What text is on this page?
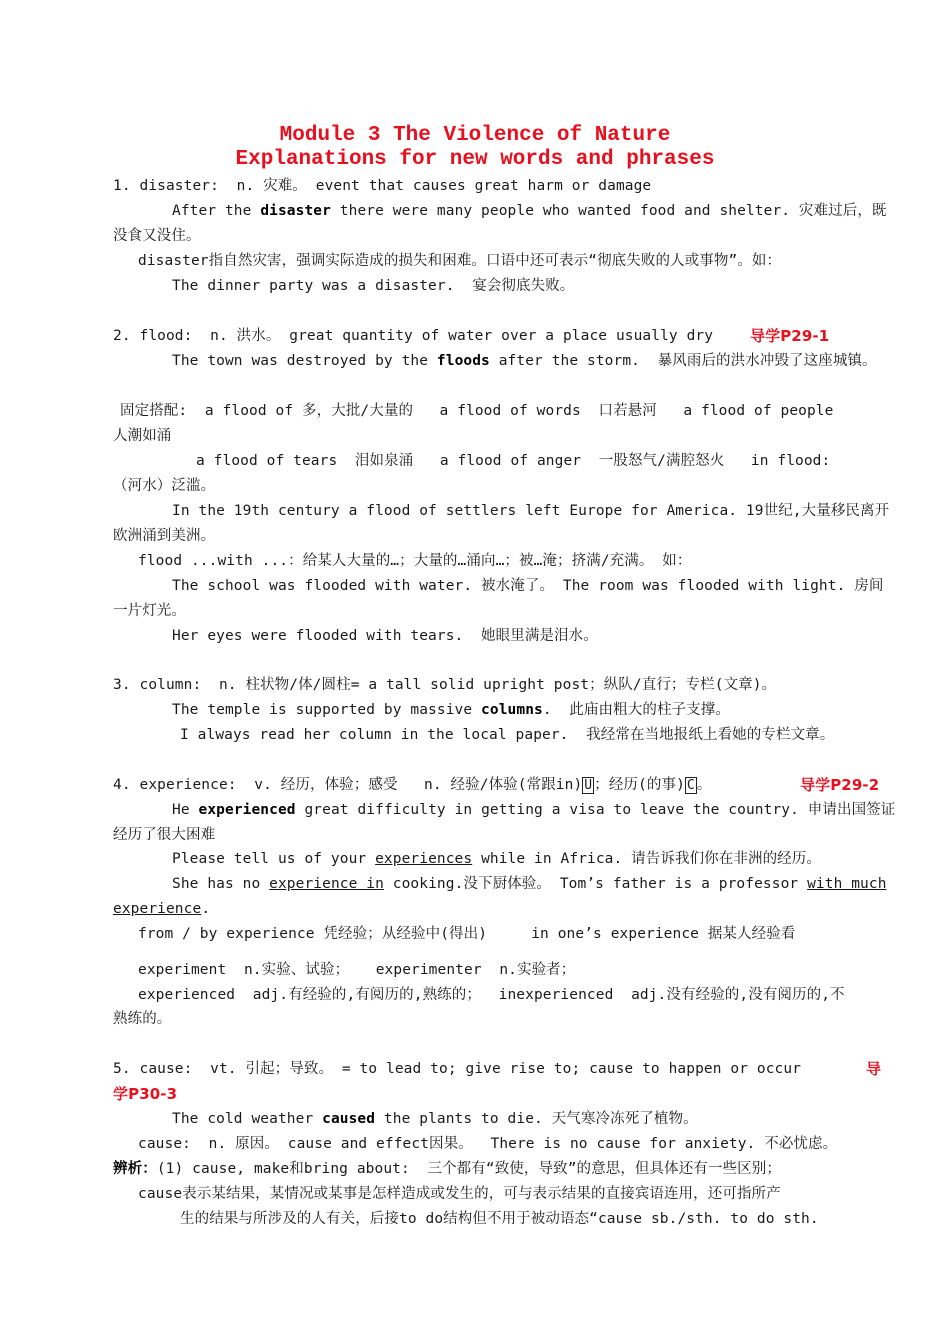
Module 3 The Violence of Nature
Explanations for new words and phrases
1. disaster:  n. 灾难。 event that causes great harm or damage
After the disaster there were many people who wanted food and shelter. 灾难过后，既
没食又没住。
disaster指自然灾害，强调实际造成的损失和困难。口语中还可表示“彻底失败的人或事物”。如：
The dinner party was a disaster.  宴会彻底失败。
2. flood:  n. 洪水。 great quantity of water over a place usually dry 导学P29-1
The town was destroyed by the floods after the storm.  暴风雨后的洪水冲毁了这座城镇。
固定搭配:  a flood of 多，大批/大量的   a flood of words  口若悬河   a flood of people
人潮如涌
a flood of tears  泪如泉涌   a flood of anger  一股怒气/满腔怒火   in flood:
（河水）泛滥。
In the 19th century a flood of settlers left Europe for America. 19世纪,大量移民离开
欧洲涌到美洲。
flood ...with ...：给某人大量的…；大量的…涌向…；被…淹；挤满/充满。 如：
The school was flooded with water. 被水淹了。 The room was flooded with light. 房间
一片灯光。
Her eyes were flooded with tears.  她眼里满是泪水。
3. column:  n. 柱状物/体/圆柱= a tall solid upright post；纵队/直行；专栏(文章)。
The temple is supported by massive columns.  此庙由粗大的柱子支撑。
I always read her column in the local paper.  我经常在当地报纸上看她的专栏文章。
4. experience:  v. 经历，体验；感受   n. 经验/体验(常跟in) U ；经历(的事) C 。	导学P29-2
He experienced great difficulty in getting a visa to leave the country. 申请出国签证
经历了很大困难
Please tell us of your experiences while in Africa. 请告诉我们你在非洲的经历。
She has no experience in cooking.没下厨体验。 Tom’s father is a professor with much
experience.
from / by experience 凭经验；从经验中(得出)     in one’s experience 据某人经验看
experiment  n.实验、试验；   experimenter  n.实验者；
experienced  adj.有经验的,有阅历的,熟练的；  inexperienced  adj.没有经验的,没有阅历的,不
熟练的。
5. cause:  vt. 引起；导致。 = to lead to; give rise to; cause to happen or occur	导
学P30-3
The cold weather caused the plants to die. 天气寒冷冻死了植物。
cause:  n. 原因。 cause and effect因果。  There is no cause for anxiety. 不必忧虑。
辨析：(1) cause, make和bring about:  三个都有“致使，导致”的意思，但具体还有一些区别；
cause表示某结果，某情况或某事是怎样造成或发生的，可与表示结果的直接宾语连用，还可指所产
生的结果与所涉及的人有关，后接to do结构但不用于被动语态“cause sb./sth. to do sth.
